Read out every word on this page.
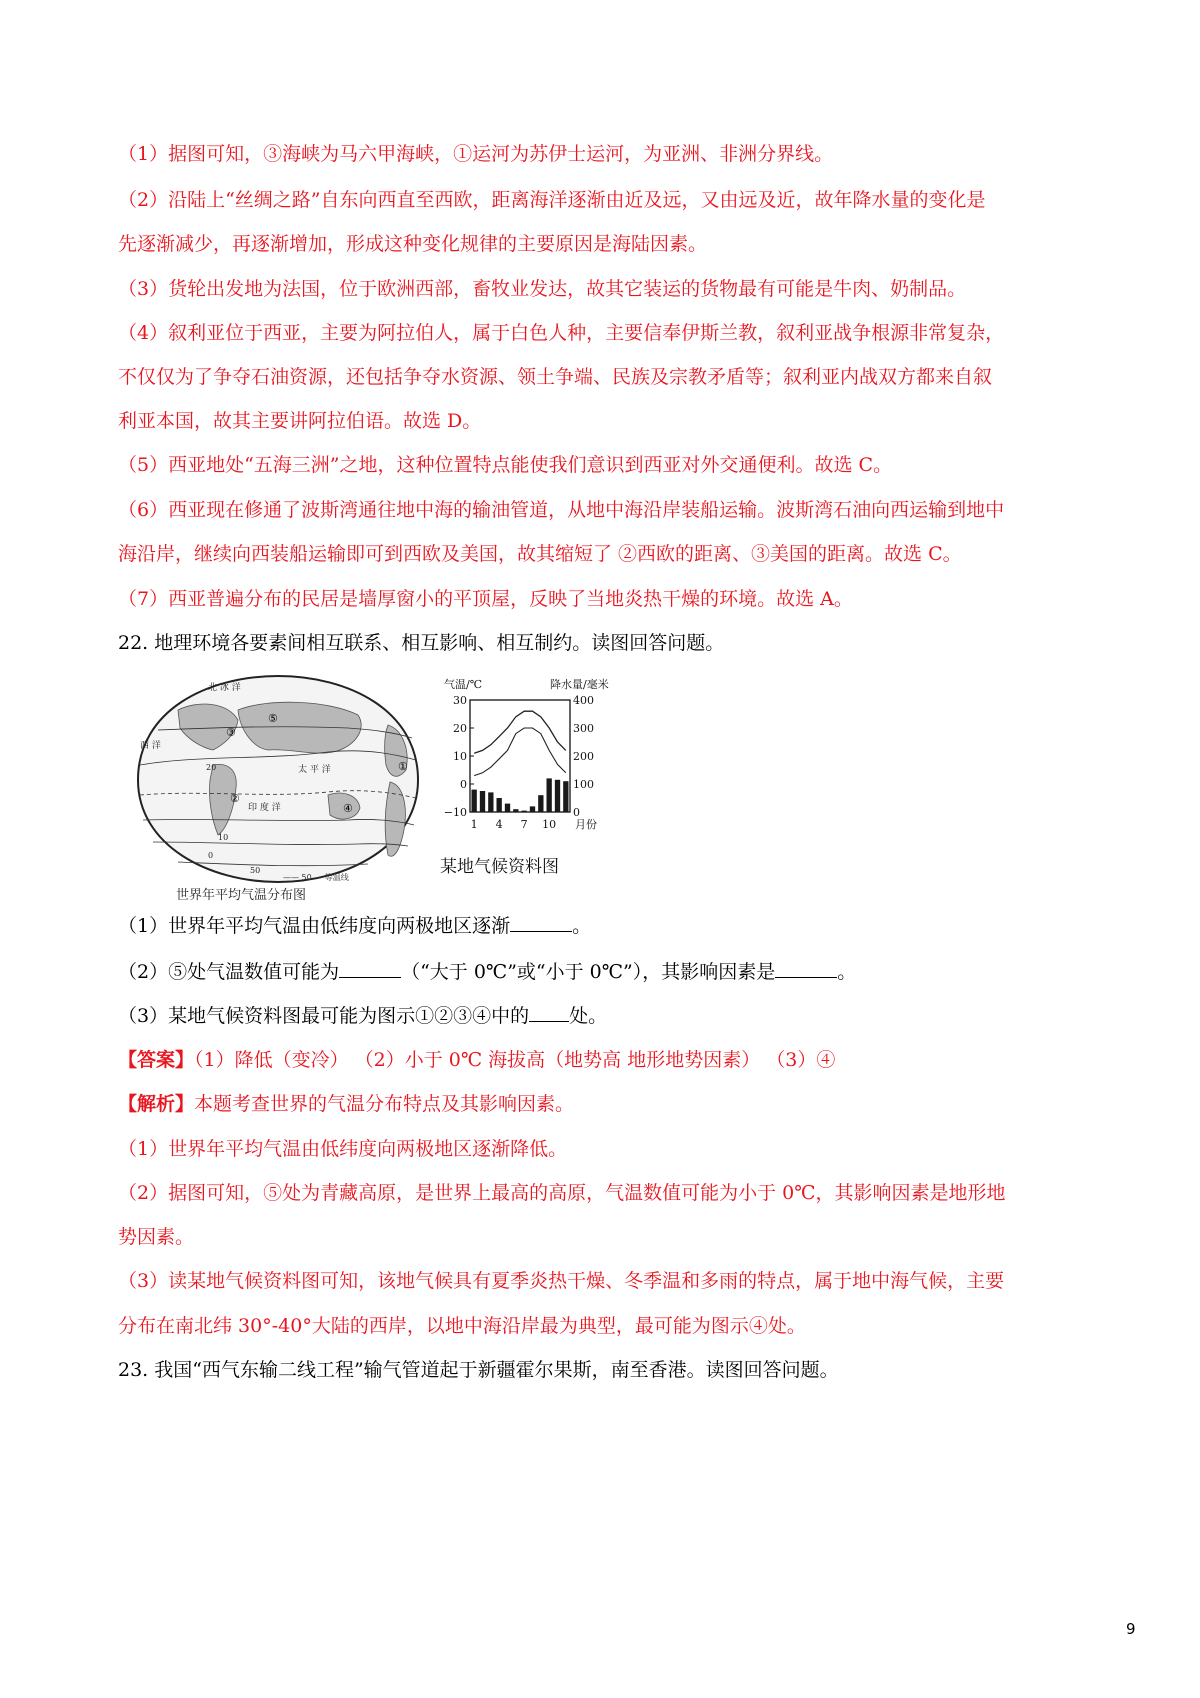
（1）据图可知，③海峡为马六甲海峡，①运河为苏伊士运河，为亚洲、非洲分界线。
（2）沿陆上“丝绸之路”自东向西直至西欧，距离海洋逐渐由近及远，又由远及近，故年降水量的变化是
先逐渐减少，再逐渐增加，形成这种变化规律的主要原因是海陆因素。
（3）货轮出发地为法国，位于欧洲西部，畜牧业发达，故其它装运的货物最有可能是牛肉、奶制品。
（4）叙利亚位于西亚，主要为阿拉伯人，属于白色人种，主要信奉伊斯兰教，叙利亚战争根源非常复杂，
不仅仅为了争夺石油资源，还包括争夺水资源、领土争端、民族及宗教矛盾等；叙利亚内战双方都来自叙
利亚本国，故其主要讲阿拉伯语。故选 D。
（5）西亚地处“五海三洲”之地，这种位置特点能使我们意识到西亚对外交通便利。故选 C。
（6）西亚现在修通了波斯湾通往地中海的输油管道，从地中海沿岸装船运输。波斯湾石油向西运输到地中
海沿岸，继续向西装船运输即可到西欧及美国，故其缩短了 ②西欧的距离、③美国的距离。故选 C。
（7）西亚普遍分布的民居是墙厚窗小的平顶屋，反映了当地炎热干燥的环境。故选 A。
22. 地理环境各要素间相互联系、相互影响、相互制约。读图回答问题。
北 冰 洋
西 洋
太 平 洋
印 度 洋
①
②
③
④
⑤
20
10
0
50
—— 50 — 等温线
世界年平均气温分布图
气温/℃	降水量/毫米
30
20
10
0
−10
400
300
200
100
0
1 4 7 10 月份
某地气候资料图
（1）世界年平均气温由低纬度向两极地区逐渐	。
（2）⑤处气温数值可能为	（“大于 0℃”或“小于 0℃”），其影响因素是	。
（3）某地气候资料图最可能为图示①②③④中的 处。
【答案】（1）降低（变冷） （2）小于 0℃ 海拔高（地势高 地形地势因素） （3）④
【解析】本题考查世界的气温分布特点及其影响因素。
（1）世界年平均气温由低纬度向两极地区逐渐降低。
（2）据图可知，⑤处为青藏高原，是世界上最高的高原，气温数值可能为小于 0℃，其影响因素是地形地
势因素。
（3）读某地气候资料图可知，该地气候具有夏季炎热干燥、冬季温和多雨的特点，属于地中海气候，主要
分布在南北纬 30°-40°大陆的西岸，以地中海沿岸最为典型，最可能为图示④处。
23. 我国“西气东输二线工程”输气管道起于新疆霍尔果斯，南至香港。读图回答问题。
9
